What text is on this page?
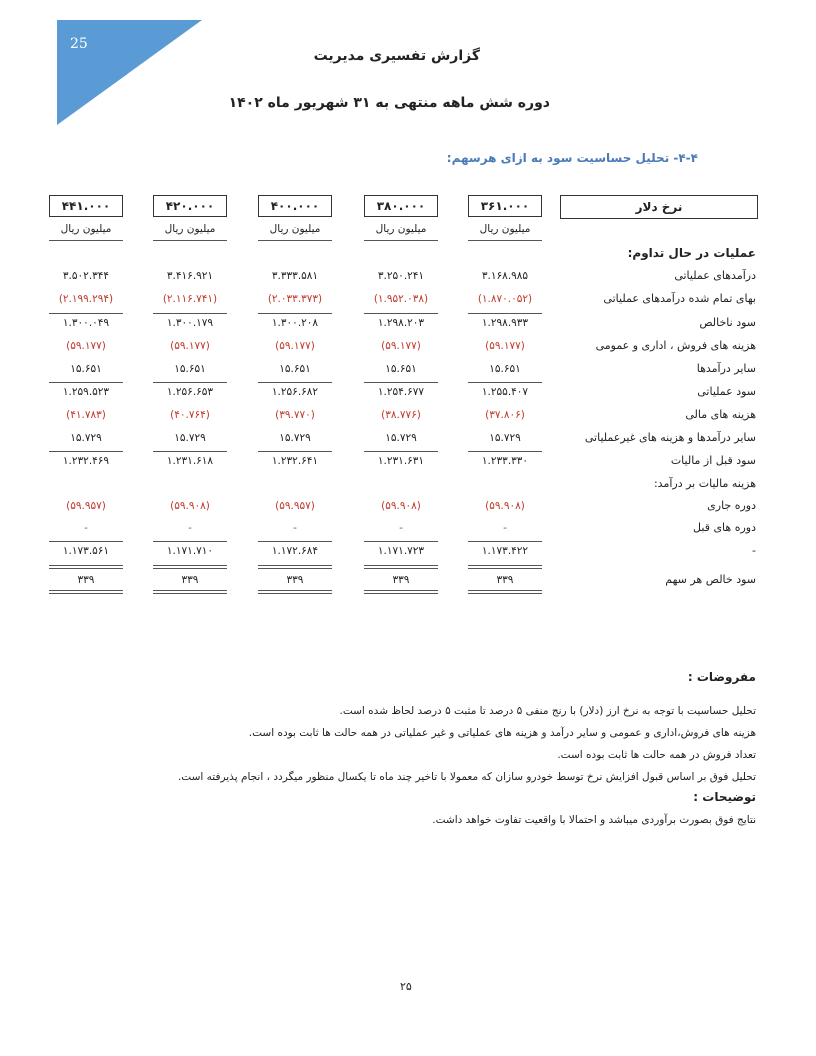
25
گزارش تفسیری مدیریت
دوره شش ماهه منتهی به ۳۱ شهریور ماه ۱۴۰۲
۴-۴- تحلیل حساسیت سود به ازای هرسهم:
نرخ دلار
۳۶۱.۰۰۰
۳۸۰.۰۰۰
۴۰۰.۰۰۰
۴۲۰.۰۰۰
۴۴۱.۰۰۰
میلیون ریال
میلیون ریال
میلیون ریال
میلیون ریال
میلیون ریال
عملیات در حال تداوم:
درآمدهای عملیاتی
۳.۱۶۸.۹۸۵
۳.۲۵۰.۲۴۱
۳.۳۳۳.۵۸۱
۳.۴۱۶.۹۲۱
۳.۵۰۲.۳۴۴
بهای تمام شده درآمدهای عملیاتی
(۱.۸۷۰.۰۵۲)
(۱.۹۵۲.۰۳۸)
(۲.۰۳۳.۳۷۳)
(۲.۱۱۶.۷۴۱)
(۲.۱۹۹.۲۹۴)
سود ناخالص
۱.۲۹۸.۹۳۳
۱.۲۹۸.۲۰۳
۱.۳۰۰.۲۰۸
۱.۳۰۰.۱۷۹
۱.۳۰۰.۰۴۹
هزینه های فروش ، اداری و عمومی
(۵۹.۱۷۷)
(۵۹.۱۷۷)
(۵۹.۱۷۷)
(۵۹.۱۷۷)
(۵۹.۱۷۷)
سایر درآمدها
۱۵.۶۵۱
۱۵.۶۵۱
۱۵.۶۵۱
۱۵.۶۵۱
۱۵.۶۵۱
سود عملیاتی
۱.۲۵۵.۴۰۷
۱.۲۵۴.۶۷۷
۱.۲۵۶.۶۸۲
۱.۲۵۶.۶۵۳
۱.۲۵۹.۵۲۳
هزینه های مالی
(۳۷.۸۰۶)
(۳۸.۷۷۶)
(۳۹.۷۷۰)
(۴۰.۷۶۴)
(۴۱.۷۸۳)
سایر درآمدها و هزینه های غیرعملیاتی
۱۵.۷۲۹
۱۵.۷۲۹
۱۵.۷۲۹
۱۵.۷۲۹
۱۵.۷۲۹
سود قبل از مالیات
۱.۲۳۳.۳۳۰
۱.۲۳۱.۶۳۱
۱.۲۳۲.۶۴۱
۱.۲۳۱.۶۱۸
۱.۲۳۲.۴۶۹
هزینه مالیات بر درآمد:
دوره جاری
(۵۹.۹۰۸)
(۵۹.۹۰۸)
(۵۹.۹۵۷)
(۵۹.۹۰۸)
(۵۹.۹۵۷)
دوره های قبل
-
-
-
-
-
-
۱.۱۷۳.۴۲۲
۱.۱۷۱.۷۲۳
۱.۱۷۲.۶۸۴
۱.۱۷۱.۷۱۰
۱.۱۷۳.۵۶۱
سود خالص هر سهم
۳۳۹
۳۳۹
۳۳۹
۳۳۹
۳۳۹
مفروضات :
تحلیل حساسیت با توجه به نرخ ارز (دلار) با رنج منفی ۵ درصد تا مثبت ۵ درصد لحاظ شده است.
هزینه های فروش،اداری و عمومی و سایر درآمد و هزینه های عملیاتی و غیر عملیاتی در همه حالت ها ثابت بوده است.
تعداد فروش در همه حالت ها ثابت بوده است.
تحلیل فوق بر اساس قبول افزایش نرخ توسط خودرو سازان که معمولا با تاخیر چند ماه تا یکسال منظور میگردد ، انجام پذیرفته است.
توضیحات :
نتایج فوق بصورت برآوردی میباشد و احتمالا با واقعیت تفاوت خواهد داشت.
۲۵
